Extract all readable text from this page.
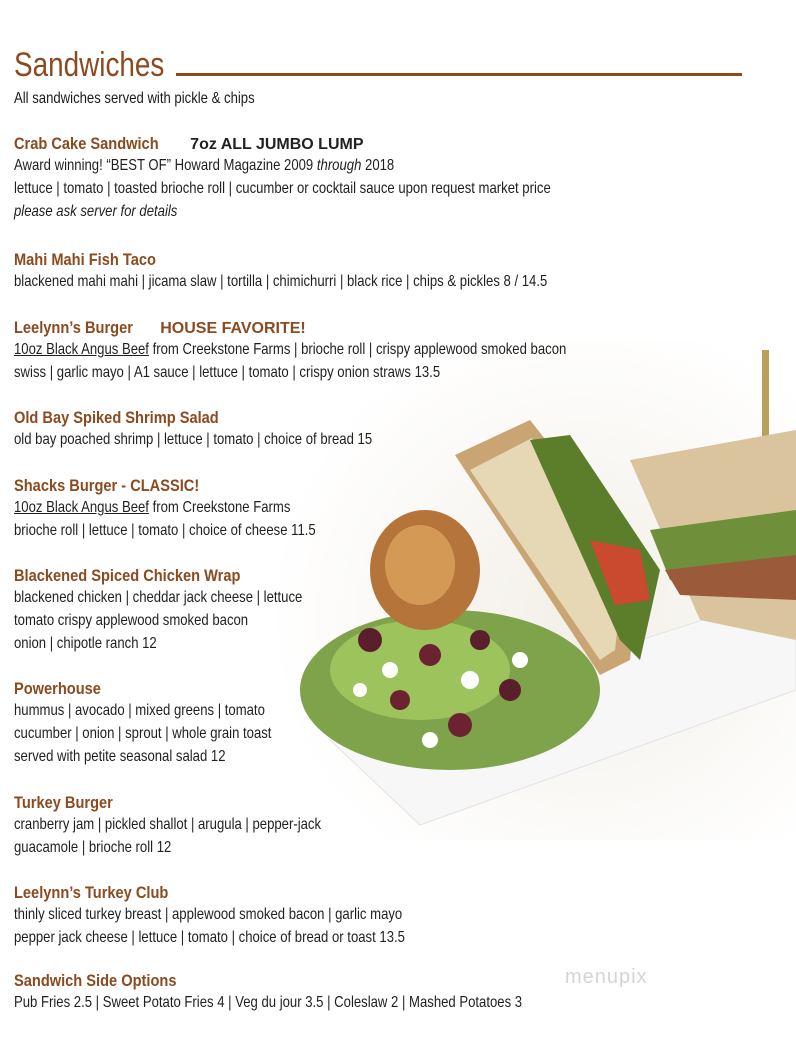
Sandwiches
All sandwiches served with pickle & chips
Crab Cake Sandwich 7oz ALL JUMBO LUMP
Award winning! “BEST OF” Howard Magazine 2009 through 2018
lettuce | tomato | toasted brioche roll | cucumber or cocktail sauce upon request market price
please ask server for details
Mahi Mahi Fish Taco
blackened mahi mahi | jicama slaw | tortilla | chimichurri | black rice | chips & pickles 8 / 14.5
Leelynn’s Burger HOUSE FAVORITE!
10oz Black Angus Beef from Creekstone Farms | brioche roll | crispy applewood smoked bacon
swiss | garlic mayo | A1 sauce | lettuce | tomato | crispy onion straws 13.5
Old Bay Spiked Shrimp Salad
old bay poached shrimp | lettuce | tomato | choice of bread 15
Shacks Burger - CLASSIC!
10oz Black Angus Beef from Creekstone Farms
brioche roll | lettuce | tomato | choice of cheese 11.5
Blackened Spiced Chicken Wrap
blackened chicken | cheddar jack cheese | lettuce
tomato crispy applewood smoked bacon
onion | chipotle ranch 12
Powerhouse
hummus | avocado | mixed greens | tomato
cucumber | onion | sprout | whole grain toast
served with petite seasonal salad 12
Turkey Burger
cranberry jam | pickled shallot | arugula | pepper-jack
guacamole | brioche roll 12
Leelynn’s Turkey Club
thinly sliced turkey breast | applewood smoked bacon | garlic mayo
pepper jack cheese | lettuce | tomato | choice of bread or toast 13.5
Sandwich Side Options
Pub Fries 2.5 | Sweet Potato Fries 4 | Veg du jour 3.5 | Coleslaw 2 | Mashed Potatoes 3
menupix
